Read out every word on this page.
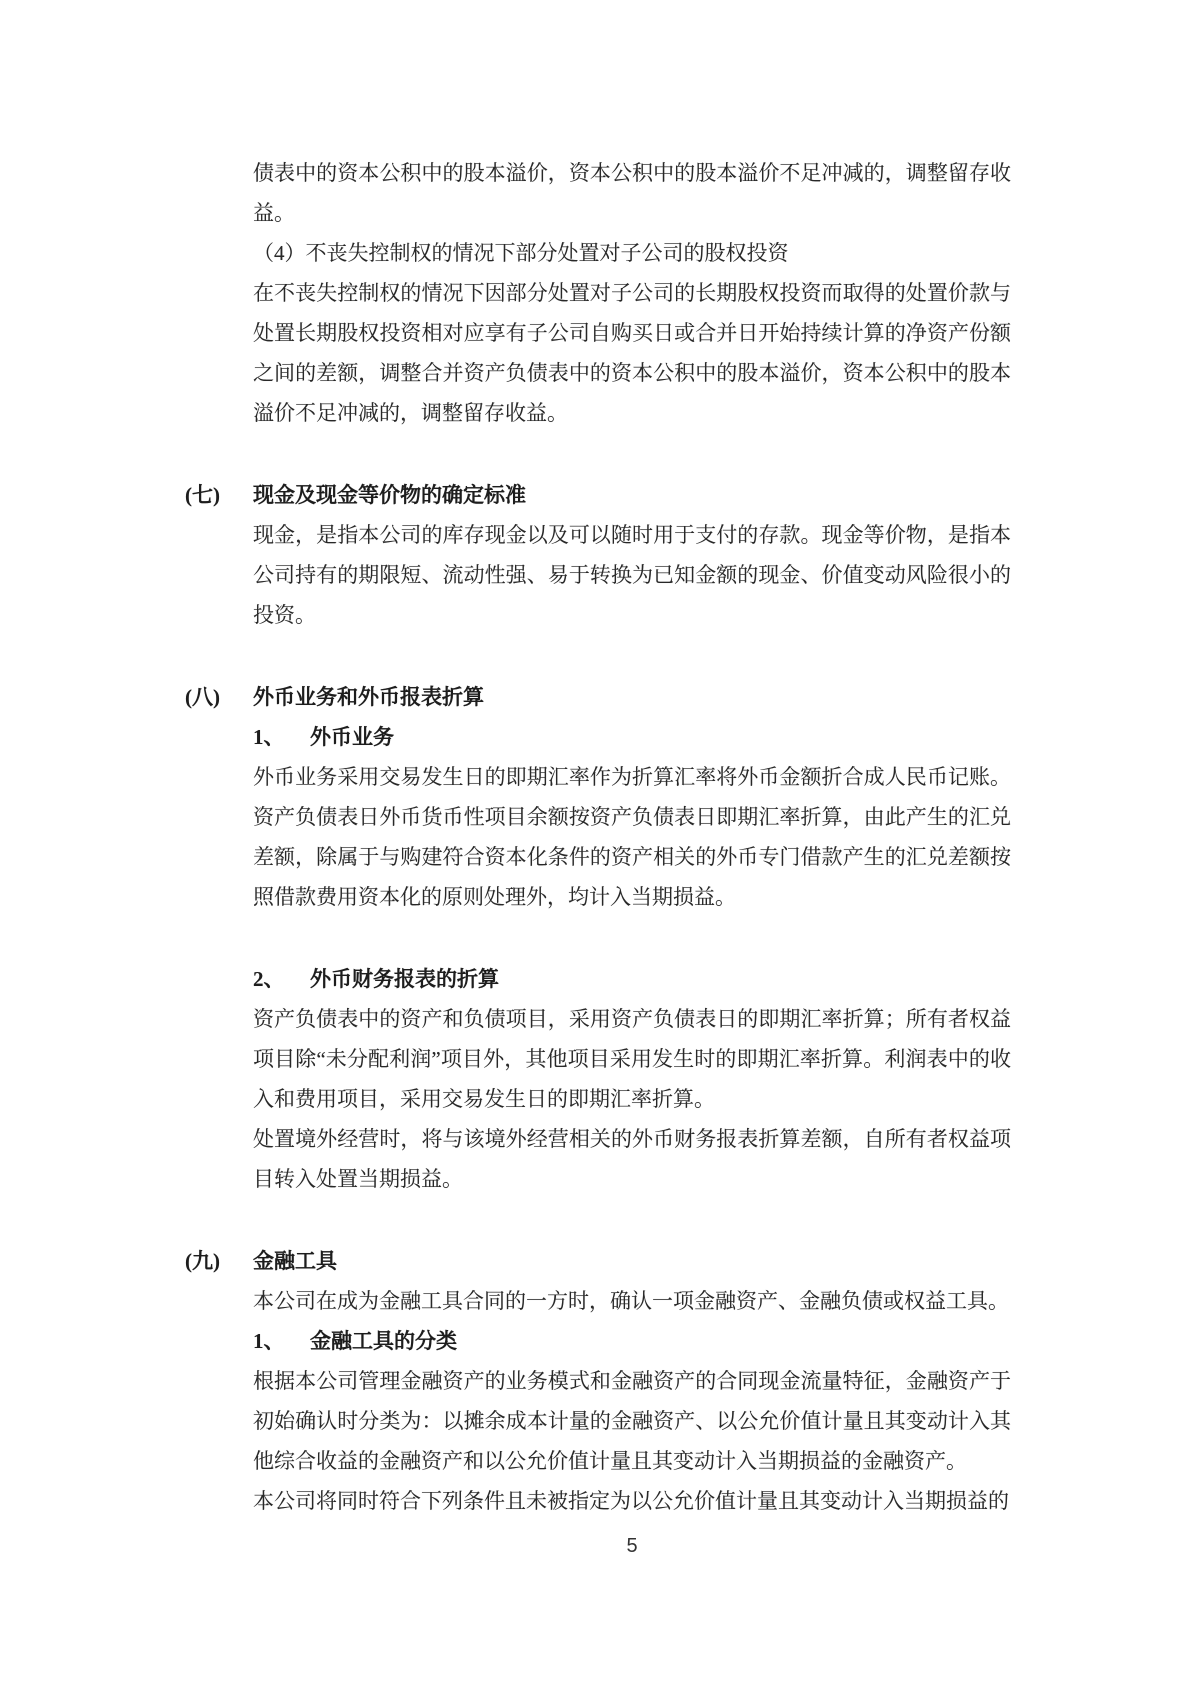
债表中的资本公积中的股本溢价，资本公积中的股本溢价不足冲减的，调整留存收益。

（4）不丧失控制权的情况下部分处置对子公司的股权投资

在不丧失控制权的情况下因部分处置对子公司的长期股权投资而取得的处置价款与处置长期股权投资相对应享有子公司自购买日或合并日开始持续计算的净资产份额之间的差额，调整合并资产负债表中的资本公积中的股本溢价，资本公积中的股本溢价不足冲减的，调整留存收益。

(七) 现金及现金等价物的确定标准

现金，是指本公司的库存现金以及可以随时用于支付的存款。现金等价物，是指本公司持有的期限短、流动性强、易于转换为已知金额的现金、价值变动风险很小的投资。

(八) 外币业务和外币报表折算
1、 外币业务

外币业务采用交易发生日的即期汇率作为折算汇率将外币金额折合成人民币记账。资产负债表日外币货币性项目余额按资产负债表日即期汇率折算，由此产生的汇兑差额，除属于与购建符合资本化条件的资产相关的外币专门借款产生的汇兑差额按照借款费用资本化的原则处理外，均计入当期损益。

2、 外币财务报表的折算

资产负债表中的资产和负债项目，采用资产负债表日的即期汇率折算；所有者权益项目除“未分配利润”项目外，其他项目采用发生时的即期汇率折算。利润表中的收入和费用项目，采用交易发生日的即期汇率折算。

处置境外经营时，将与该境外经营相关的外币财务报表折算差额，自所有者权益项目转入处置当期损益。

(九) 金融工具

本公司在成为金融工具合同的一方时，确认一项金融资产、金融负债或权益工具。

1、 金融工具的分类

根据本公司管理金融资产的业务模式和金融资产的合同现金流量特征，金融资产于初始确认时分类为：以摊余成本计量的金融资产、以公允价值计量且其变动计入其他综合收益的金融资产和以公允价值计量且其变动计入当期损益的金融资产。

本公司将同时符合下列条件且未被指定为以公允价值计量且其变动计入当期损益的

5
